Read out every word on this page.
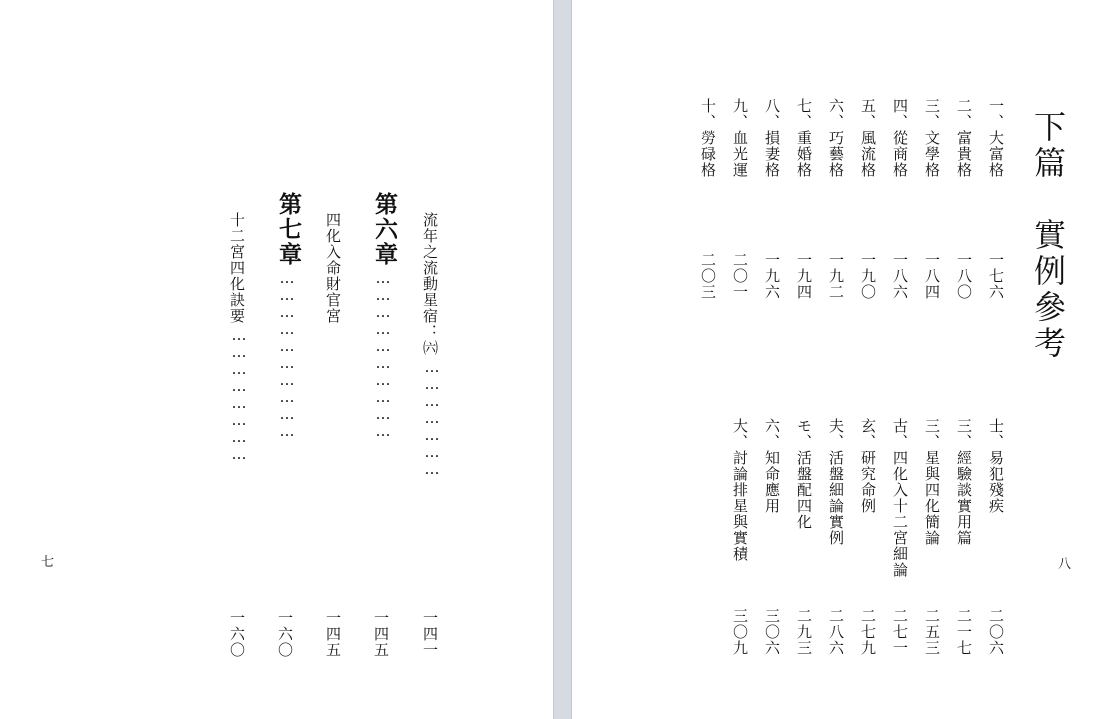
流年之流動星宿：㈥
…………………
一四一
第六章
…………………………
一四五
四化入命財官宮
一四五
第七章
…………………………
一六〇
十二宮四化訣要
……………………
一六〇
七
下篇　實例參考
一、大富格
一七六
二、富貴格
一八〇
三、文學格
一八四
四、從商格
一八六
五、風流格
一九〇
六、巧藝格
一九二
七、重婚格
一九四
八、損妻格
一九六
九、血光運
二〇一
十、勞碌格
二〇三
士、易犯殘疾
二〇六
三、經驗談實用篇
二一七
三、星與四化簡論
二五三
古、四化入十二宮細論
二七一
玄、研究命例
二七九
夫、活盤細論實例
二八六
モ、活盤配四化
二九三
六、知命應用
三〇六
大、討論排星與實積
三〇九
八
